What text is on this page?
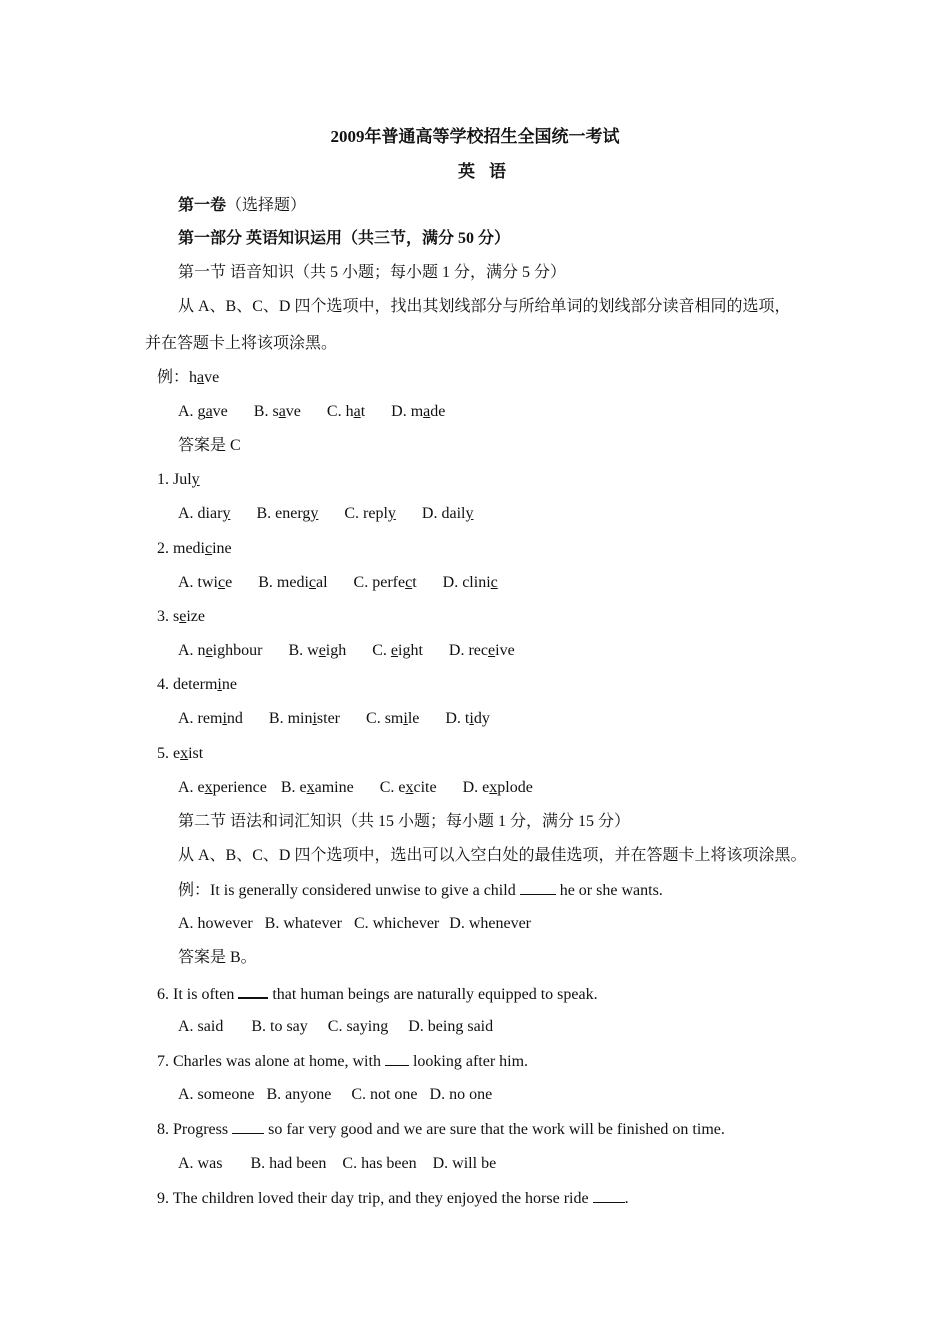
2009年普通高等学校招生全国统一考试
英语
第一卷（选择题）
第一部分 英语知识运用（共三节，满分 50 分）
第一节 语音知识（共 5 小题；每小题 1 分，满分 5 分）
从 A、B、C、D 四个选项中，找出其划线部分与所给单词的划线部分读音相同的选项，
并在答题卡上将该项涂黑。
例：have
A. gave B. save C. hat D. made
答案是 C
1. July
A. diary B. energy C. reply D. daily
2. medicine
A. twice B. medical C. perfect D. clinic
3. seize
A. neighbour B. weigh C. eight D. receive
4. determine
A. remind B. minister C. smile D. tidy
5. exist
A. experience B. examine C. excite D. explode
第二节 语法和词汇知识（共 15 小题；每小题 1 分，满分 15 分）
从 A、B、C、D 四个选项中，选出可以入空白处的最佳选项，并在答题卡上将该项涂黑。
例：It is generally considered unwise to give a child  he or she wants.
A. however B. whatever C. whichever D. whenever
答案是 B。
6. It is often  that human beings are naturally equipped to speak.
A. said B. to say C. saying D. being said
7. Charles was alone at home, with  looking after him.
A. someone B. anyone C. not one D. no one
8. Progress  so far very good and we are sure that the work will be finished on time.
A. was B. had been C. has been D. will be
9. The children loved their day trip, and they enjoyed the horse ride .
